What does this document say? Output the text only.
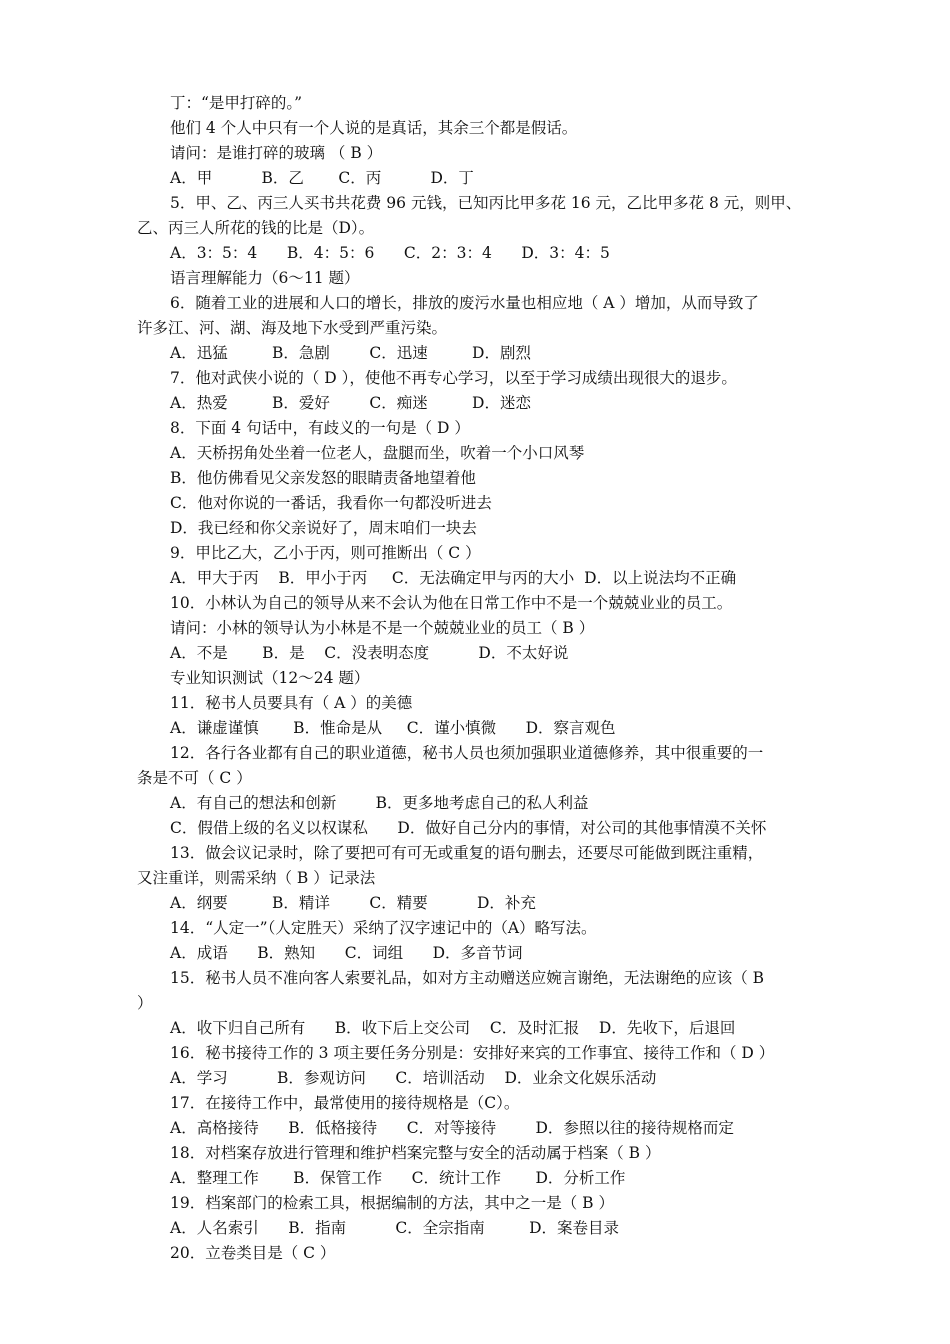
丁：“是甲打碎的。”
他们 4 个人中只有一个人说的是真话，其余三个都是假话。
请问：是谁打碎的玻璃 （ B ）
A．甲          B．乙       C．丙          D．丁
5．甲、乙、丙三人买书共花费 96 元钱，已知丙比甲多花 16 元，乙比甲多花 8 元，则甲、
乙、丙三人所花的钱的比是（D）。
A．3：5：4      B．4：5：6      C．2：3：4      D．3：4：5
语言理解能力（6～11 题）
6．随着工业的进展和人口的增长，排放的废污水量也相应地（ A ）增加，从而导致了
许多江、河、湖、海及地下水受到严重污染。
A．迅猛         B．急剧        C．迅速         D．剧烈
7．他对武侠小说的（ D ），使他不再专心学习，以至于学习成绩出现很大的退步。
A．热爱         B．爱好        C．痴迷         D．迷恋
8．下面 4 句话中，有歧义的一句是（ D ）
A．天桥拐角处坐着一位老人，盘腿而坐，吹着一个小口风琴
B．他仿佛看见父亲发怒的眼睛责备地望着他
C．他对你说的一番话，我看你一句都没听进去
D．我已经和你父亲说好了，周末咱们一块去
9．甲比乙大，乙小于丙，则可推断出（ C ）
A．甲大于丙    B．甲小于丙     C．无法确定甲与丙的大小  D．以上说法均不正确
10．小林认为自己的领导从来不会认为他在日常工作中不是一个兢兢业业的员工。
请问：小林的领导认为小林是不是一个兢兢业业的员工（ B ）
A．不是       B．是    C．没表明态度          D．不太好说
专业知识测试（12～24 题）
11．秘书人员要具有（ A ）的美德
A．谦虚谨慎       B．惟命是从     C．谨小慎微      D．察言观色
12．各行各业都有自己的职业道德，秘书人员也须加强职业道德修养，其中很重要的一
条是不可（ C ）
A．有自己的想法和创新        B．更多地考虑自己的私人利益
C．假借上级的名义以权谋私      D．做好自己分内的事情，对公司的其他事情漠不关怀
13．做会议记录时，除了要把可有可无或重复的语句删去，还要尽可能做到既注重精，
又注重详，则需采纳（ B ）记录法
A．纲要         B．精详        C．精要          D．补充
14．“人定一”（人定胜天）采纳了汉字速记中的（A）略写法。
A．成语      B．熟知      C．词组      D．多音节词
15．秘书人员不准向客人索要礼品，如对方主动赠送应婉言谢绝，无法谢绝的应该（ B
）
A．收下归自己所有      B．收下后上交公司    C．及时汇报    D．先收下，后退回
16．秘书接待工作的 3 项主要任务分别是：安排好来宾的工作事宜、接待工作和（ D ）
A．学习          B．参观访问      C．培训活动    D．业余文化娱乐活动
17．在接待工作中，最常使用的接待规格是（C）。
A．高格接待      B．低格接待      C．对等接待        D．参照以往的接待规格而定
18．对档案存放进行管理和维护档案完整与安全的活动属于档案（ B ）
A．整理工作       B．保管工作      C．统计工作       D．分析工作
19．档案部门的检索工具，根据编制的方法，其中之一是（ B ）
A．人名索引      B．指南          C．全宗指南         D．案卷目录
20．立卷类目是（ C ）
